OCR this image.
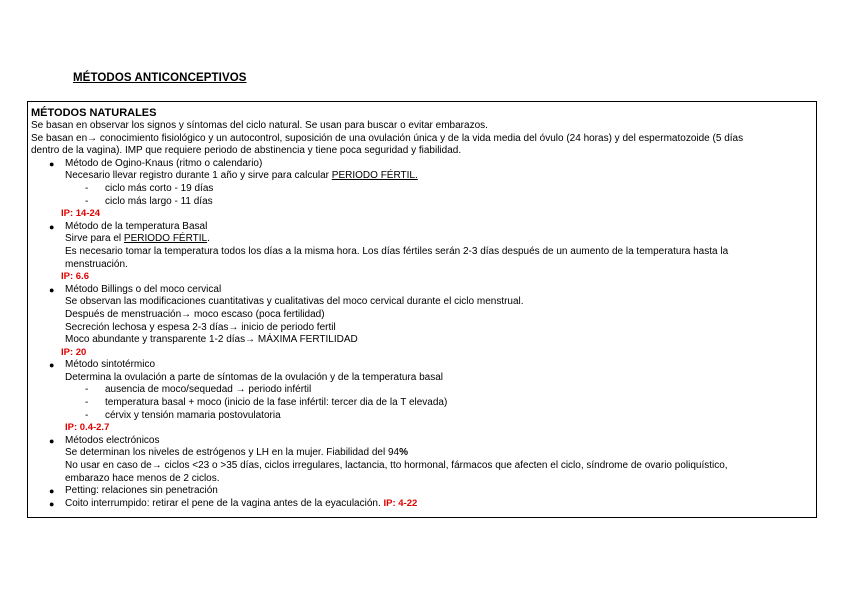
MÉTODOS ANTICONCEPTIVOS
MÉTODOS NATURALES

Se basan en observar los signos y síntomas del ciclo natural. Se usan para buscar o evitar embarazos.

Se basan en→ conocimiento fisiológico y un autocontrol, suposición de una ovulación única y de la vida media del óvulo (24 horas) y del espermatozoide (5 días

dentro de la vagina). IMP que requiere periodo de abstinencia y tiene poca seguridad y fiabilidad.

●	Método de Ogino-Knaus (ritmo o calendario)
Necesario llevar registro durante 1 año y sirve para calcular PERIODO FÉRTIL.
- ciclo más corto - 19 días
- ciclo más largo - 11 días
IP: 14-24
●	Método de la temperatura Basal
Sirve para el PERIODO FÉRTIL.
Es necesario tomar la temperatura todos los días a la misma hora. Los días fértiles serán 2-3 días después de un aumento de la temperatura hasta la
menstruación.
IP: 6.6
●	Método Billings o del moco cervical
Se observan las modificaciones cuantitativas y cualitativas del moco cervical durante el ciclo menstrual.
Después de menstruación→ moco escaso (poca fertilidad)
Secreción lechosa y espesa 2-3 días→ inicio de periodo fertil
Moco abundante y transparente 1-2 días→ MÁXIMA FERTILIDAD
IP: 20
●	Método sintotérmico
Determina la ovulación a parte de síntomas de la ovulación y de la temperatura basal
- ausencia de moco/sequedad → periodo infértil
- temperatura basal + moco (inicio de la fase infértil: tercer dia de la T elevada)
- cérvix y tensión mamaria postovulatoria
IP: 0.4-2.7
●	Métodos electrónicos
Se determinan los niveles de estrógenos y LH en la mujer. Fiabilidad del 94%
No usar en caso de→ ciclos <23 o >35 días, ciclos irregulares, lactancia, tto hormonal, fármacos que afecten el ciclo, síndrome de ovario poliquístico,
embarazo hace menos de 2 ciclos.
●	Petting: relaciones sin penetración
●	Coito interrumpido: retirar el pene de la vagina antes de la eyaculación. IP: 4-22
